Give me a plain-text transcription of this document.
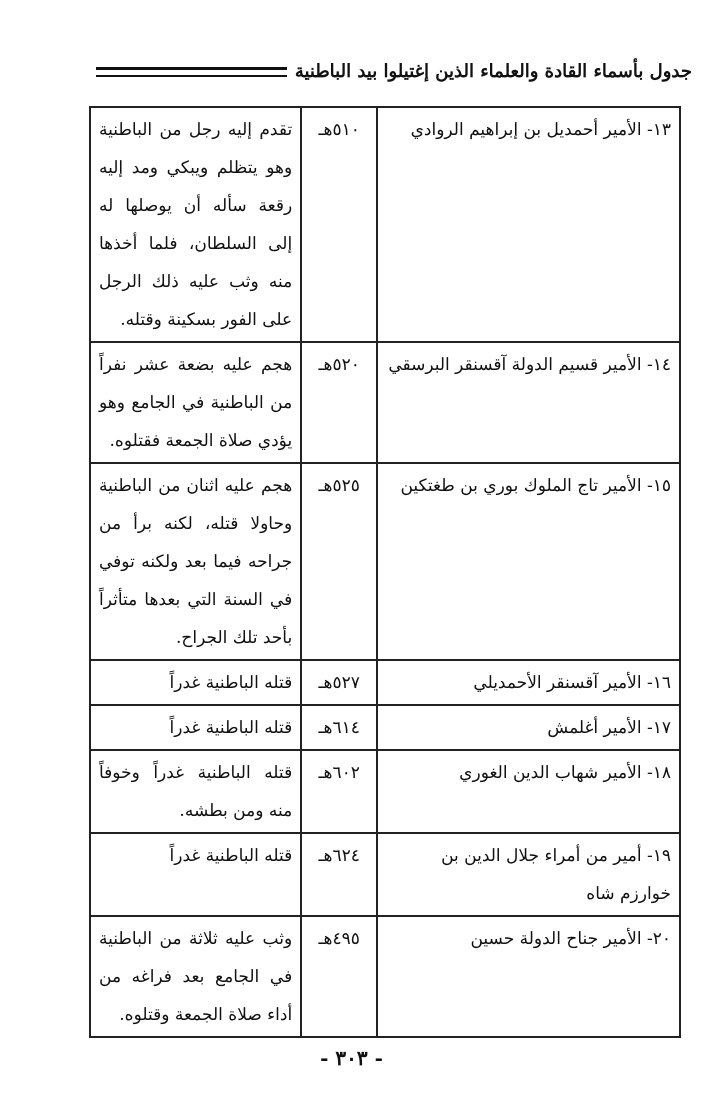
جدول بأسماء القادة والعلماء الذين إغتيلوا بيد الباطنية
١٣- الأمير أحمديل بن إبراهيم الروادي	٥١٠هـ	تقدم إليه رجل من الباطنية وهو يتظلم ويبكي ومد إليه رقعة سأله أن يوصلها له إلى السلطان، فلما أخذها منه وثب عليه ذلك الرجل على الفور بسكينة وقتله.
١٤- الأمير قسيم الدولة آقسنقر البرسقي	٥٢٠هـ	هجم عليه بضعة عشر نفراً من الباطنية في الجامع وهو يؤدي صلاة الجمعة فقتلوه.
١٥- الأمير تاج الملوك بوري بن طغتكين	٥٢٥هـ	هجم عليه اثنان من الباطنية وحاولا قتله، لكنه برأ من جراحه فيما بعد ولكنه توفي في السنة التي بعدها متأثراً بأحد تلك الجراح.
١٦- الأمير آقسنقر الأحمديلي	٥٢٧هـ	قتله الباطنية غدراً
١٧- الأمير أغلمش	٦١٤هـ	قتله الباطنية غدراً
١٨- الأمير شهاب الدين الغوري	٦٠٢هـ	قتله الباطنية غدراً وخوفاً منه ومن بطشه.
١٩- أمير من أمراء جلال الدين بن خوارزم شاه	٦٢٤هـ	قتله الباطنية غدراً
٢٠- الأمير جناح الدولة حسين	٤٩٥هـ	وثب عليه ثلاثة من الباطنية في الجامع بعد فراغه من أداء صلاة الجمعة وقتلوه.
- ٣٠٣ -
